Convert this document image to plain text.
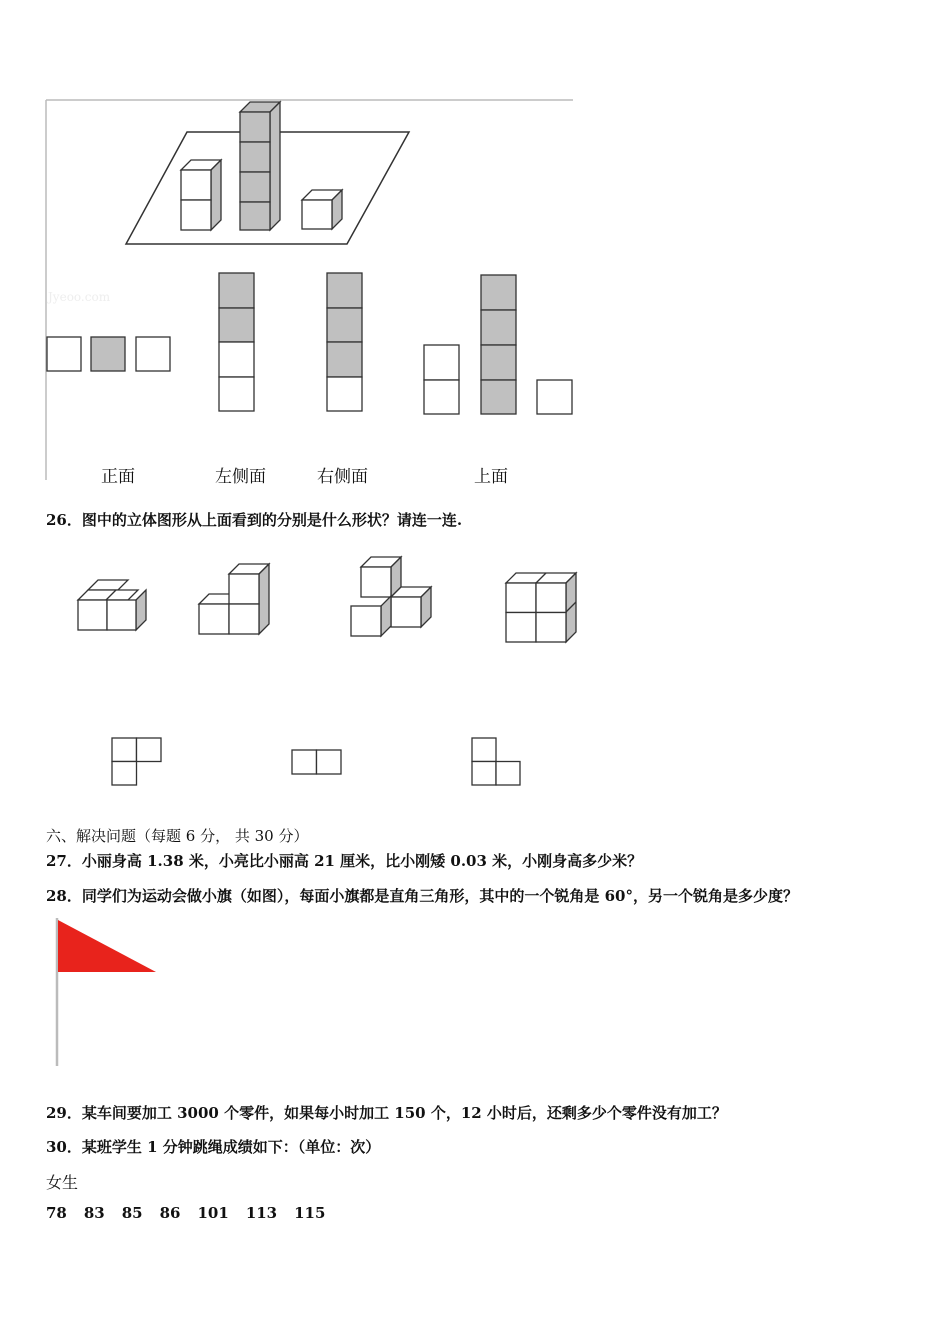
Jyeoo.com
正面	左侧面	右侧面	上面
26．图中的立体图形从上面看到的分别是什么形状？请连一连.
六、解决问题（每题 6 分， 共 30 分）
27．小丽身高 1.38 米，小亮比小丽高 21 厘米，比小刚矮 0.03 米，小刚身高多少米？
28．同学们为运动会做小旗（如图），每面小旗都是直角三角形，其中的一个锐角是 60°，另一个锐角是多少度？
29．某车间要加工 3000 个零件，如果每小时加工 150 个，12 小时后，还剩多少个零件没有加工？
30．某班学生 1 分钟跳绳成绩如下：（单位：次）
女生
78 83 85 86 101 113 115
